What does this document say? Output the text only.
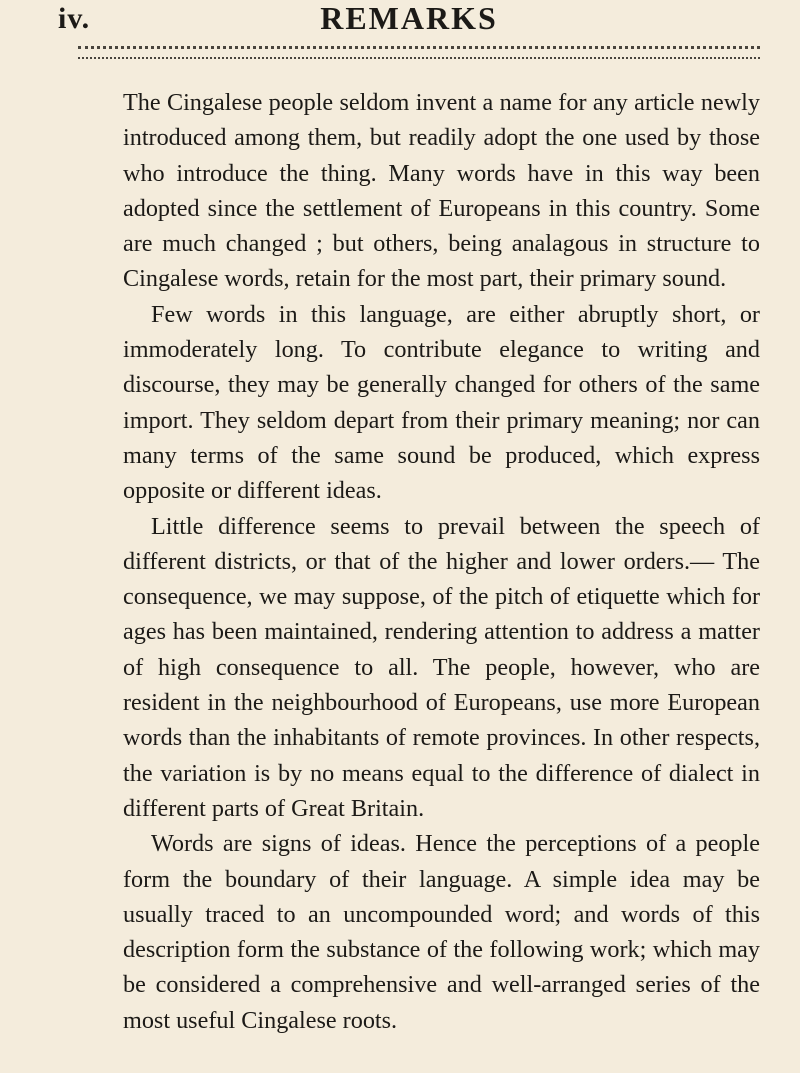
iv.	REMARKS

The Cingalese people seldom invent a name for any article newly introduced among them, but readily adopt the one used by those who introduce the thing. Many words have in this way been adopted since the settlement of Europeans in this country. Some are much changed ; but others, being analagous in structure to Cingalese words, retain for the most part, their primary sound.

Few words in this language, are either abruptly short, or immoderately long. To contribute elegance to writing and discourse, they may be generally changed for others of the same import. They seldom depart from their primary meaning; nor can many terms of the same sound be produced, which express opposite or different ideas.

Little difference seems to prevail between the speech of different districts, or that of the higher and lower orders.— The consequence, we may suppose, of the pitch of etiquette which for ages has been maintained, rendering attention to address a matter of high consequence to all. The people, however, who are resident in the neighbourhood of Europeans, use more European words than the inhabitants of remote provinces. In other respects, the variation is by no means equal to the difference of dialect in different parts of Great Britain.

Words are signs of ideas. Hence the perceptions of a people form the boundary of their language. A simple idea may be usually traced to an uncompounded word; and words of this description form the substance of the following work; which may be considered a comprehensive and well-arranged series of the most useful Cingalese roots.
